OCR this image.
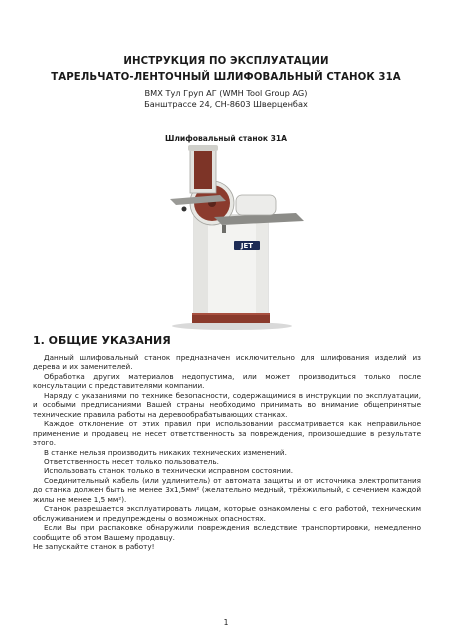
ИНСТРУКЦИЯ ПО ЭКСПЛУАТАЦИИ
ТАРЕЛЬЧАТО-ЛЕНТОЧНЫЙ ШЛИФОВАЛЬНЫЙ СТАНОК 31А
ВМХ Тул Груп АГ (WMH Tool Group AG)
Банштрассе 24, CH-8603 Шверценбах
Шлифовальный станок 31А
JET
1. ОБЩИЕ УКАЗАНИЯ

Данный шлифовальный станок предназначен исключительно для шлифования изделий из дерева и их заменителей.

Обработка других материалов недопустима, или может производиться только после консультации с представителями компании.

Наряду с указаниями по технике безопасности, содержащимися в инструкции по эксплуатации, и особыми предписаниями Вашей страны необходимо принимать во внимание общепринятые технические правила работы на деревообрабатывающих станках.

Каждое отклонение от этих правил при использовании рассматривается как неправильное применение и продавец не несет ответственность за повреждения, произошедшие в результате этого.

В станке нельзя производить никаких технических изменений.

Ответственность несет только пользователь.

Использовать станок только в технически исправном состоянии.

Соединительный кабель (или удлинитель) от автомата защиты и от источника электропитания до станка должен быть не менее 3х1,5мм² (желательно медный, трёхжильный, с сечением каждой жилы не менее 1,5 мм²).

Станок разрешается эксплуатировать лицам, которые ознакомлены с его работой, техническим обслуживанием и предупреждены о возможных опасностях.

Если Вы при распаковке обнаружили повреждения вследствие транспортировки, немедленно сообщите об этом Вашему продавцу.

Не запускайте станок в работу!

1
